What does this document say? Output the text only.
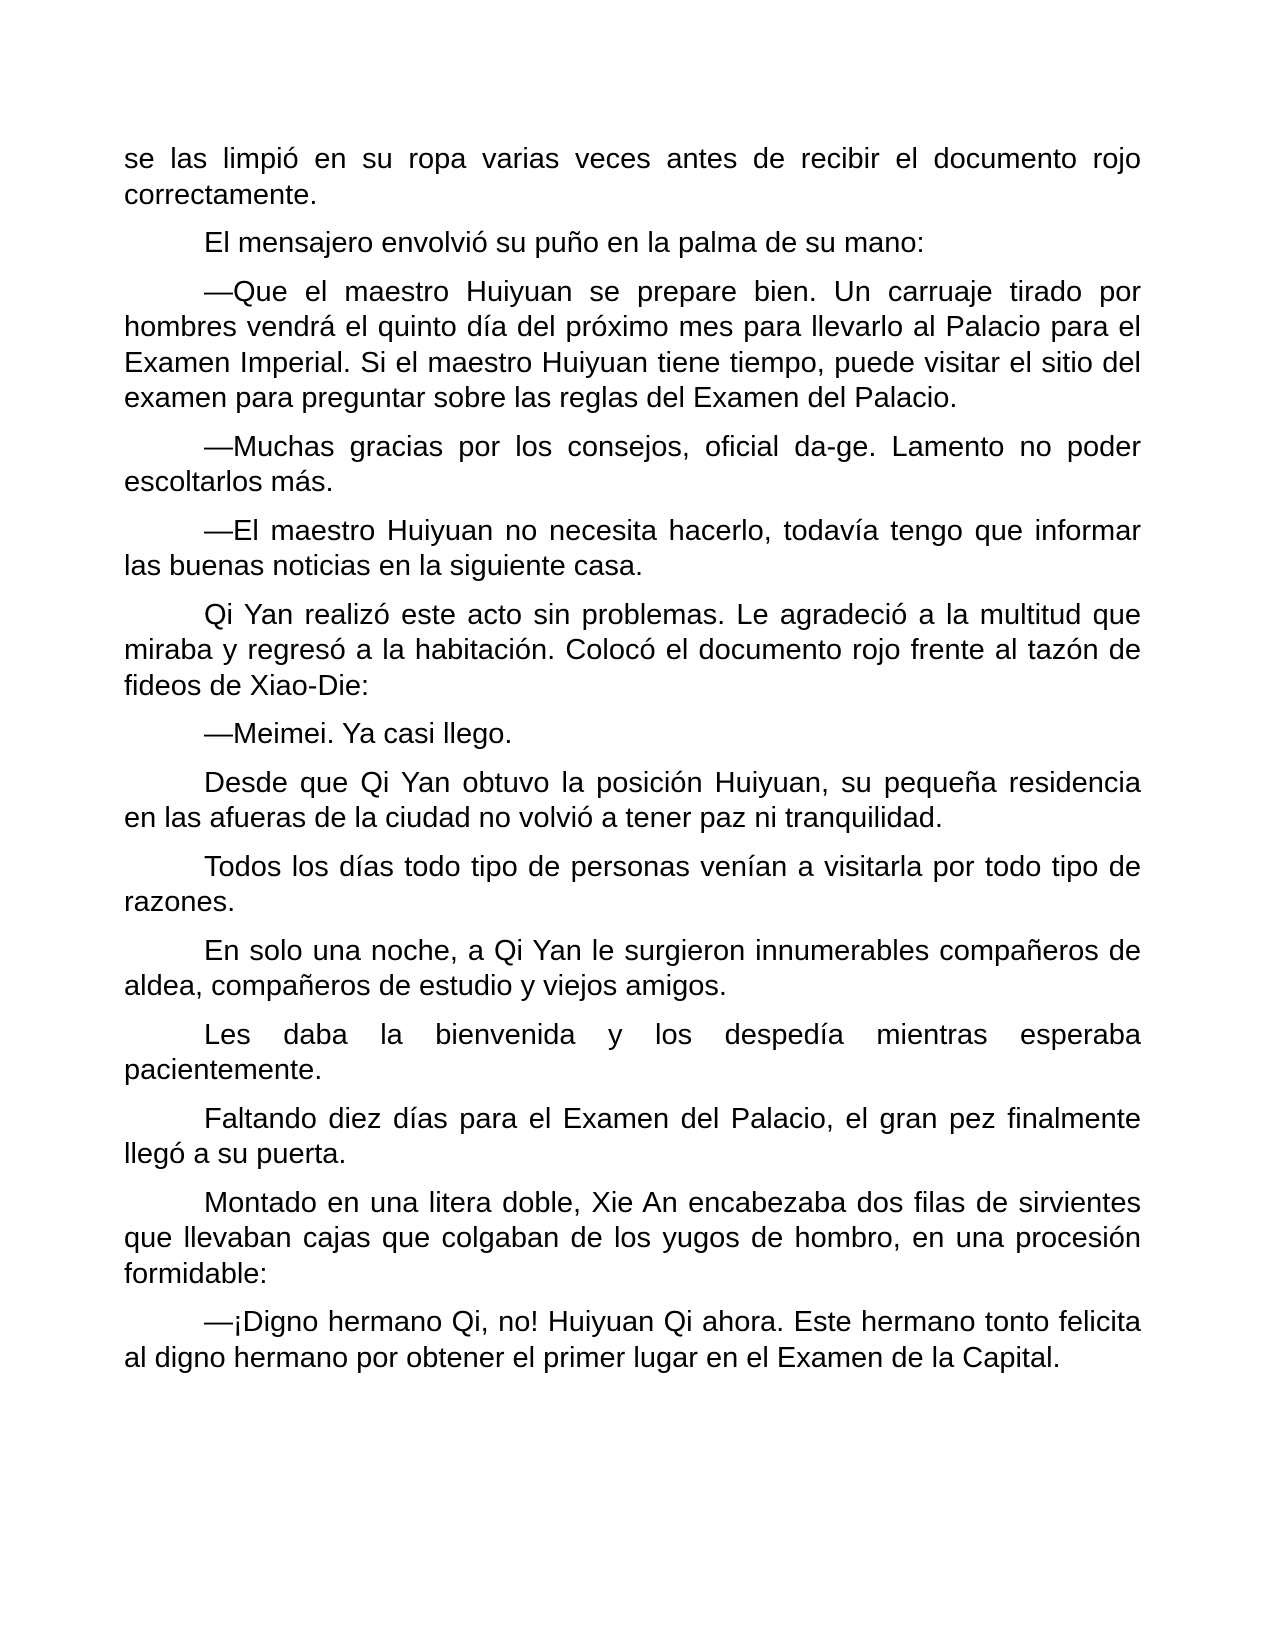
se las limpió en su ropa varias veces antes de recibir el documento rojo correctamente.

El mensajero envolvió su puño en la palma de su mano:

—Que el maestro Huiyuan se prepare bien. Un carruaje tirado por hombres vendrá el quinto día del próximo mes para llevarlo al Palacio para el Examen Imperial. Si el maestro Huiyuan tiene tiempo, puede visitar el sitio del examen para preguntar sobre las reglas del Examen del Palacio.

—Muchas gracias por los consejos, oficial da-ge. Lamento no poder escoltarlos más.

—El maestro Huiyuan no necesita hacerlo, todavía tengo que informar las buenas noticias en la siguiente casa.

Qi Yan realizó este acto sin problemas. Le agradeció a la multitud que miraba y regresó a la habitación. Colocó el documento rojo frente al tazón de fideos de Xiao-Die:

—Meimei. Ya casi llego.

Desde que Qi Yan obtuvo la posición Huiyuan, su pequeña residencia en las afueras de la ciudad no volvió a tener paz ni tranquilidad.

Todos los días todo tipo de personas venían a visitarla por todo tipo de razones.

En solo una noche, a Qi Yan le surgieron innumerables compañeros de aldea, compañeros de estudio y viejos amigos.

Les daba la bienvenida y los despedía mientras esperaba pacientemente.

Faltando diez días para el Examen del Palacio, el gran pez finalmente llegó a su puerta.

Montado en una litera doble, Xie An encabezaba dos filas de sirvientes que llevaban cajas que colgaban de los yugos de hombro, en una procesión formidable:

—¡Digno hermano Qi, no! Huiyuan Qi ahora. Este hermano tonto felicita al digno hermano por obtener el primer lugar en el Examen de la Capital.
